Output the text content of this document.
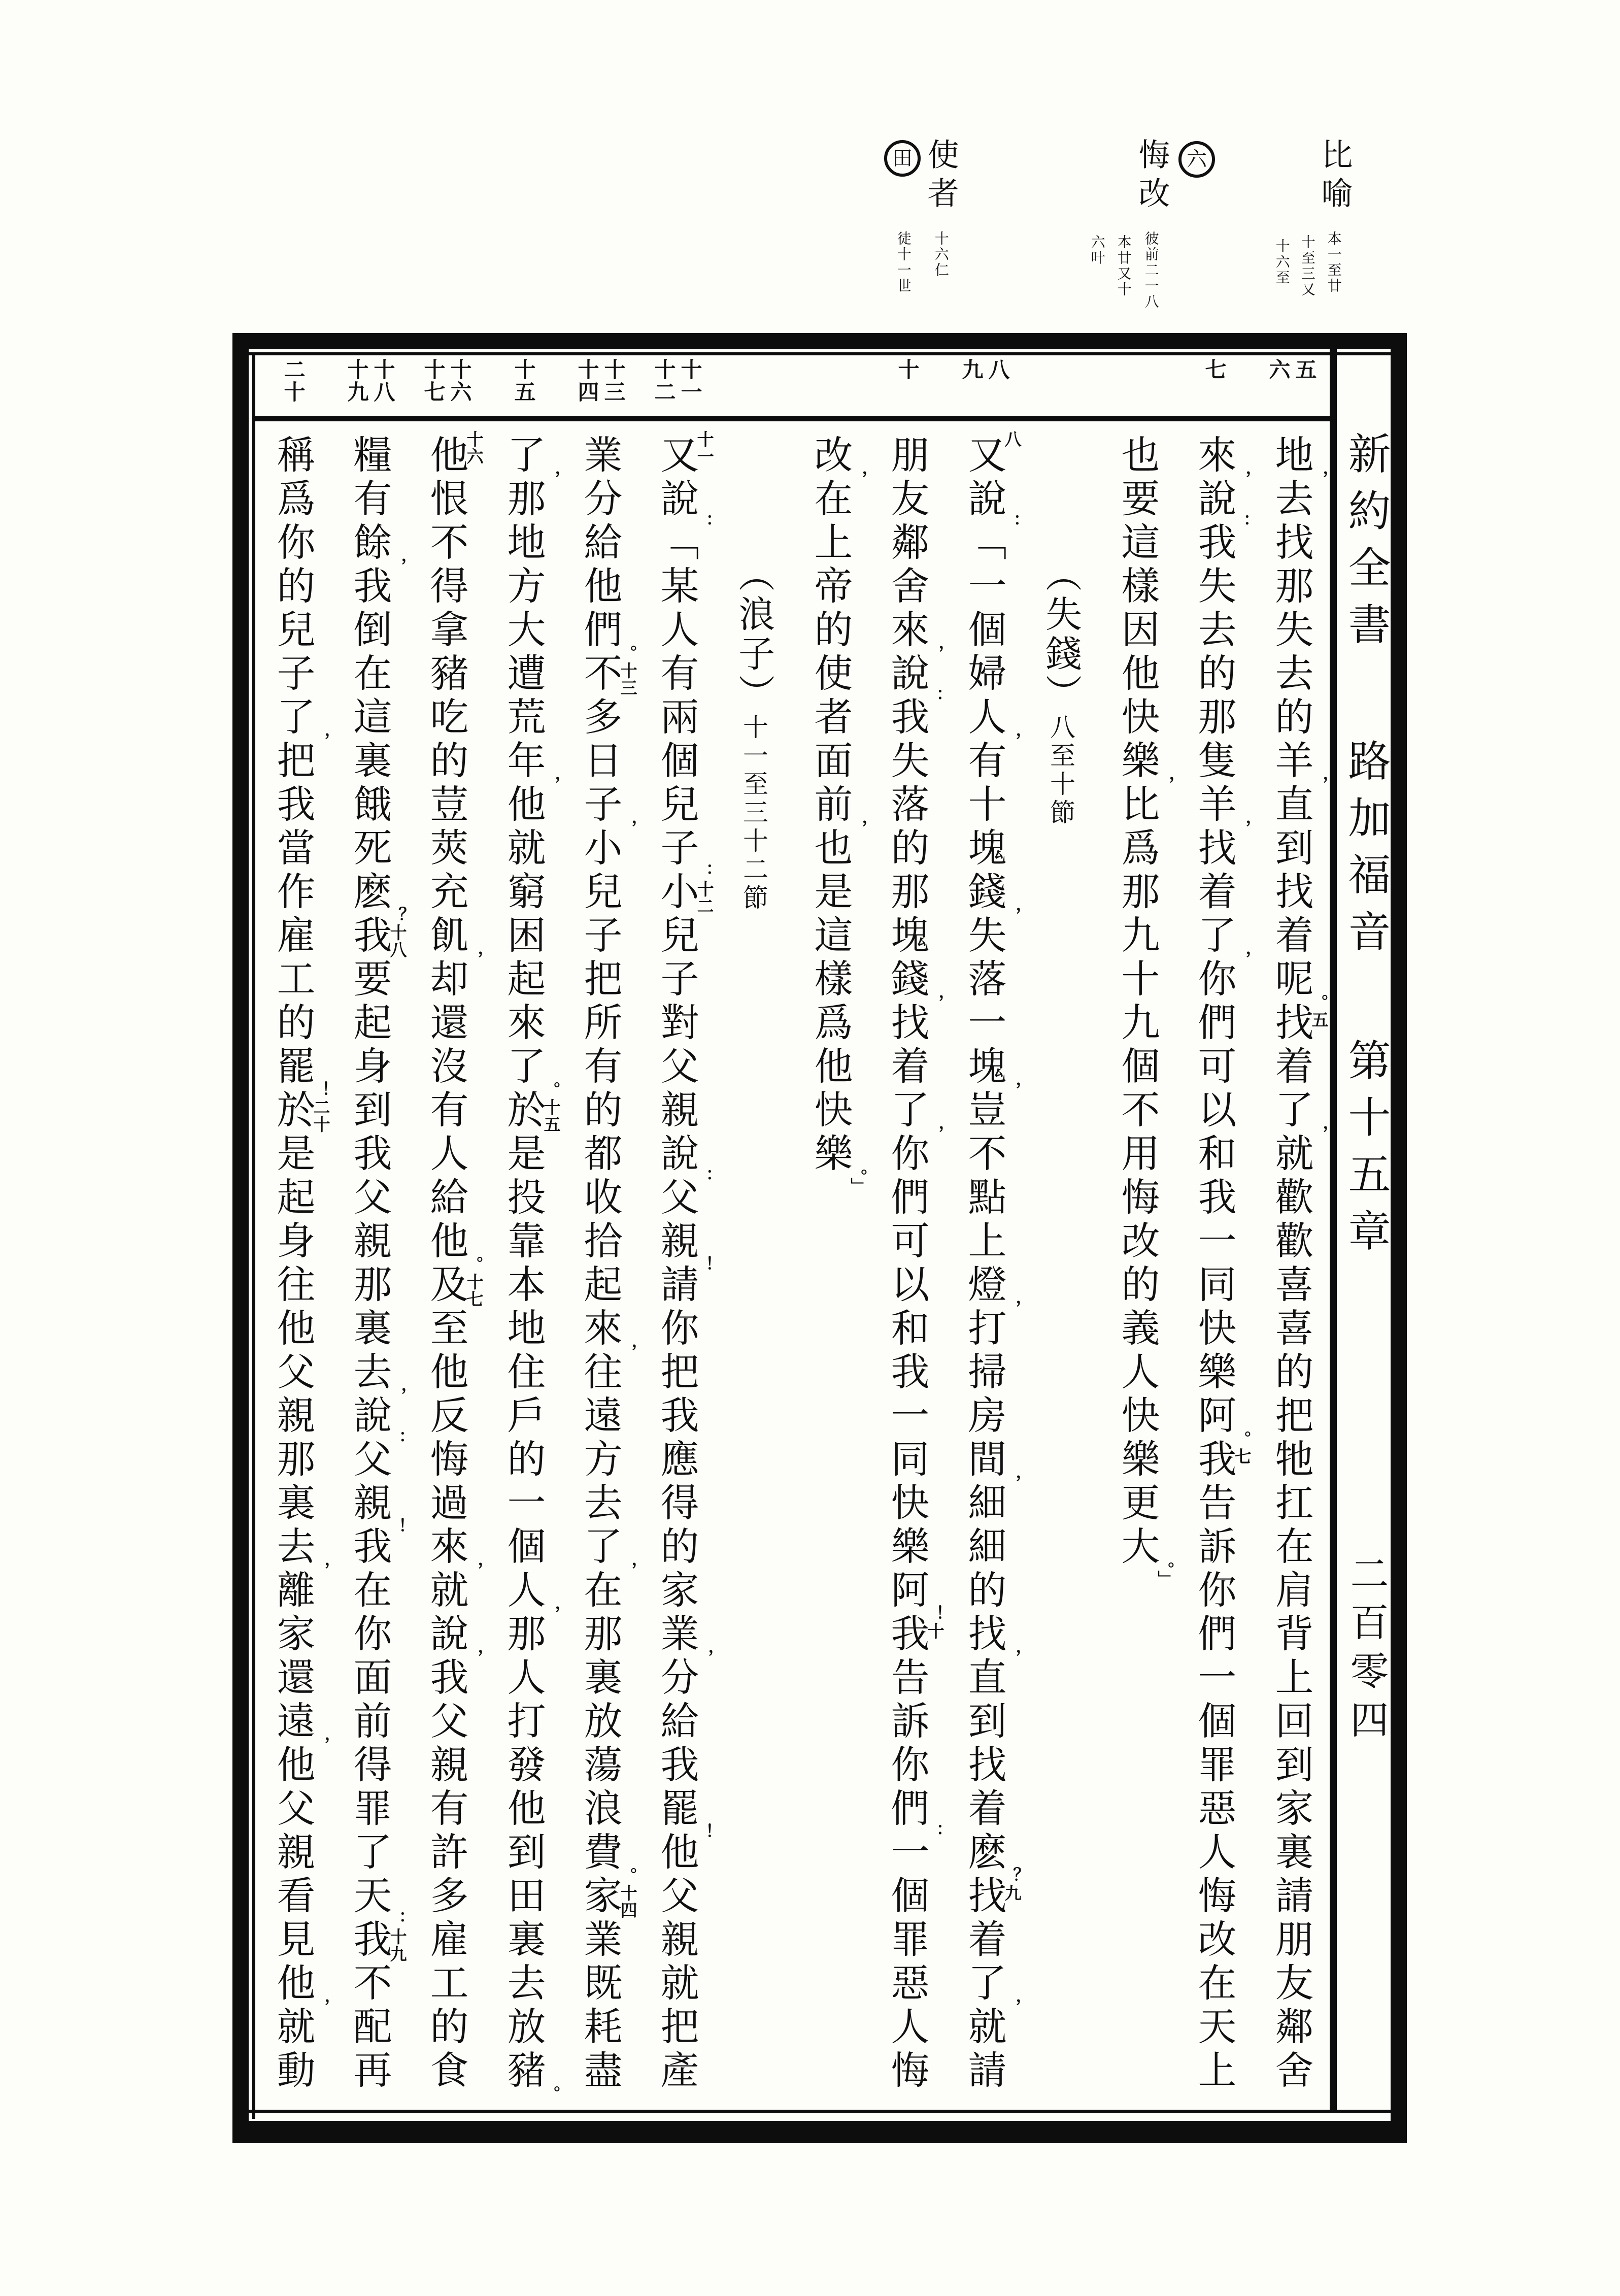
比喻
本一至廿
十至三又
十六至
悔改 六
彼前二一八
本廿又十
六叶
使者
田
十六仁
徒十一世
五
六
七
八
九
十
十一
十二
十三
十四
十五
十六
十七
十八
十九
二十
地去找那失去的羊直到找着呢找着了就歡歡喜喜的把牠扛在肩背上回到家裏請朋友鄰舍
，
，
。五
，
來說我失去的那隻羊找着了你們可以和我一同快樂阿我告訴你們一個罪惡人悔改在天上
，
：
，
，
。七
也要這樣因他快樂比爲那九十九個不用悔改的義人快樂更大
，
。」
（失錢）八至十節
又說「一個婦人有十塊錢失落一塊豈不點上燈打掃房間細細的找直到找着麽找着了就請
八
：
，
，
，
，
，
，
？九
，
朋友鄰舍來說我失落的那塊錢找着了你們可以和我一同快樂阿我告訴你們一個罪惡人悔
，
：
，
，
！十
：
改在上帝的使者面前也是這樣爲他快樂
，
，
。」
（浪子）十一至三十二節
又說「某人有兩個兒子小兒子對父親說父親請你把我應得的家業分給我罷他父親就把產
十一
：
：十二
：
！
，
！
業分給他們不多日子小兒子把所有的都收拾起來往遠方去了在那裏放蕩浪費家業既耗盡
。十三
，
，
，
。十四
了那地方大遭荒年他就窮困起來了於是投靠本地住戶的一個人那人打發他到田裏去放豬
，
，
。十五
，
。
他恨不得拿豬吃的荳莢充飢却還沒有人給他及至他反悔過來就說我父親有許多雇工的食
十六
，
。十七
，
，
糧有餘我倒在這裏餓死麽我要起身到我父親那裏去說父親我在你面前得罪了天我不配再
，
？十八
，
：
！
：十九
稱爲你的兒子了把我當作雇工的罷於是起身往他父親那裏去離家還遠他父親看見他就動
，
！二十
，
，
，
新約全書
路加福音
第十五章
二百零四
